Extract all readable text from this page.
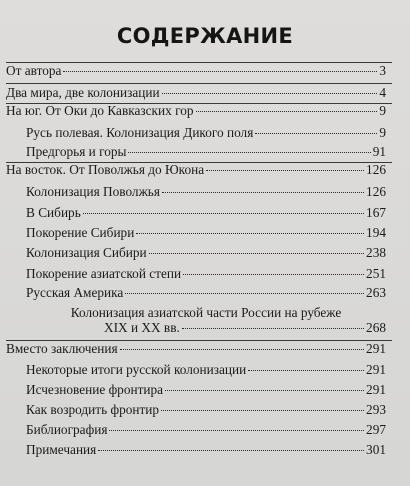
СОДЕРЖАНИЕ
От автора	3
Два мира, две колонизации	4
На юг. От Оки до Кавказских гор	9
Русь полевая. Колонизация Дикого поля	9
Предгорья и горы	91
На восток. От Поволжья до Юкона	126
Колонизация Поволжья	126
В Сибирь	167
Покорение Сибири	194
Колонизация Сибири	238
Покорение азиатской степи	251
Русская Америка	263
Колонизация азиатской части России на рубеже
XIX и XX вв.	268
Вместо заключения	291
Некоторые итоги русской колонизации	291
Исчезновение фронтира	291
Как возродить фронтир	293
Библиография	297
Примечания	301
